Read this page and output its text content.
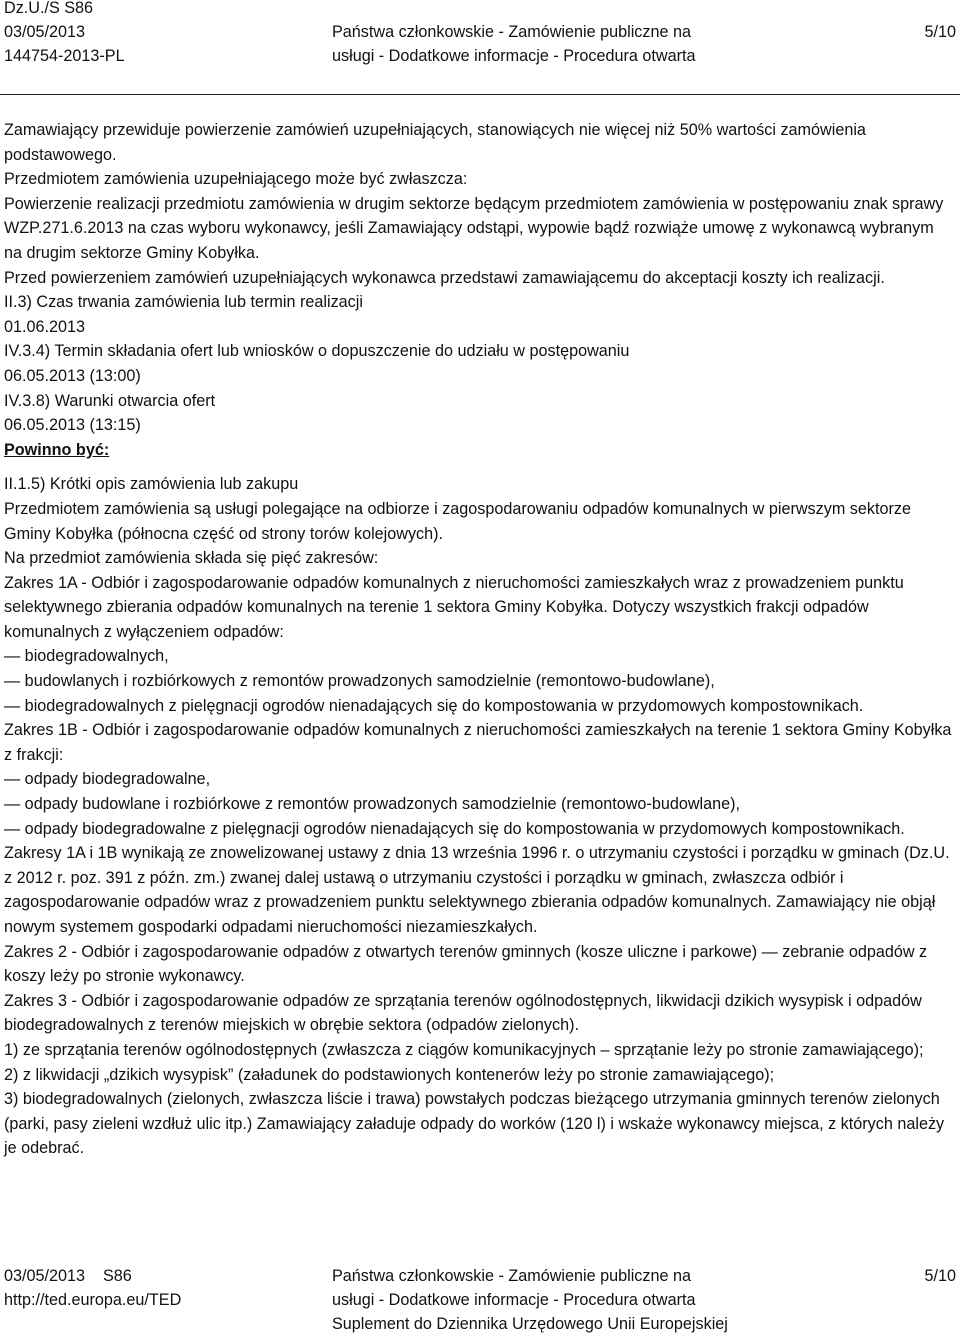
Dz.U./S S86
03/05/2013
144754-2013-PL
Państwa członkowskie - Zamówienie publiczne na
usługi - Dodatkowe informacje - Procedura otwarta
5/10

Zamawiający przewiduje powierzenie zamówień uzupełniających, stanowiących nie więcej niż 50% wartości zamówienia podstawowego.

Przedmiotem zamówienia uzupełniającego może być zwłaszcza:

Powierzenie realizacji przedmiotu zamówienia w drugim sektorze będącym przedmiotem zamówienia w postępowaniu znak sprawy WZP.271.6.2013 na czas wyboru wykonawcy, jeśli Zamawiający odstąpi, wypowie bądź rozwiąże umowę z wykonawcą wybranym na drugim sektorze Gminy Kobyłka.

Przed powierzeniem zamówień uzupełniających wykonawca przedstawi zamawiającemu do akceptacji koszty ich realizacji.

II.3) Czas trwania zamówienia lub termin realizacji

01.06.2013

IV.3.4) Termin składania ofert lub wniosków o dopuszczenie do udziału w postępowaniu

06.05.2013 (13:00)

IV.3.8) Warunki otwarcia ofert

06.05.2013 (13:15)

Powinno być:

II.1.5) Krótki opis zamówienia lub zakupu

Przedmiotem zamówienia są usługi polegające na odbiorze i zagospodarowaniu odpadów komunalnych w pierwszym sektorze Gminy Kobyłka (północna część od strony torów kolejowych).

Na przedmiot zamówienia składa się pięć zakresów:

Zakres 1A - Odbiór i zagospodarowanie odpadów komunalnych z nieruchomości zamieszkałych wraz z prowadzeniem punktu selektywnego zbierania odpadów komunalnych na terenie 1 sektora Gminy Kobyłka. Dotyczy wszystkich frakcji odpadów komunalnych z wyłączeniem odpadów:

— biodegradowalnych,

— budowlanych i rozbiórkowych z remontów prowadzonych samodzielnie (remontowo-budowlane),

— biodegradowalnych z pielęgnacji ogrodów nienadających się do kompostowania w przydomowych kompostownikach.

Zakres 1B - Odbiór i zagospodarowanie odpadów komunalnych z nieruchomości zamieszkałych na terenie 1 sektora Gminy Kobyłka z frakcji:

— odpady biodegradowalne,

— odpady budowlane i rozbiórkowe z remontów prowadzonych samodzielnie (remontowo-budowlane),

— odpady biodegradowalne z pielęgnacji ogrodów nienadających się do kompostowania w przydomowych kompostownikach.

Zakresy 1A i 1B wynikają ze znowelizowanej ustawy z dnia 13 września 1996 r. o utrzymaniu czystości i porządku w gminach (Dz.U. z 2012 r. poz. 391 z późn. zm.) zwanej dalej ustawą o utrzymaniu czystości i porządku w gminach, zwłaszcza odbiór i zagospodarowanie odpadów wraz z prowadzeniem punktu selektywnego zbierania odpadów komunalnych. Zamawiający nie objął nowym systemem gospodarki odpadami nieruchomości niezamieszkałych.

Zakres 2 - Odbiór i zagospodarowanie odpadów z otwartych terenów gminnych (kosze uliczne i parkowe) — zebranie odpadów z koszy leży po stronie wykonawcy.

Zakres 3 - Odbiór i zagospodarowanie odpadów ze sprzątania terenów ogólnodostępnych, likwidacji dzikich wysypisk i odpadów biodegradowalnych z terenów miejskich w obrębie sektora (odpadów zielonych).

1) ze sprzątania terenów ogólnodostępnych (zwłaszcza z ciągów komunikacyjnych – sprzątanie leży po stronie zamawiającego);

2) z likwidacji „dzikich wysypisk” (załadunek do podstawionych kontenerów leży po stronie zamawiającego);

3) biodegradowalnych (zielonych, zwłaszcza liście i trawa) powstałych podczas bieżącego utrzymania gminnych terenów zielonych (parki, pasy zieleni wzdłuż ulic itp.) Zamawiający załaduje odpady do worków (120 l) i wskaże wykonawcy miejsca, z których należy je odebrać.

03/05/2013    S86
http://ted.europa.eu/TED
Państwa członkowskie - Zamówienie publiczne na
usługi - Dodatkowe informacje - Procedura otwarta
Suplement do Dziennika Urzędowego Unii Europejskiej
5/10
